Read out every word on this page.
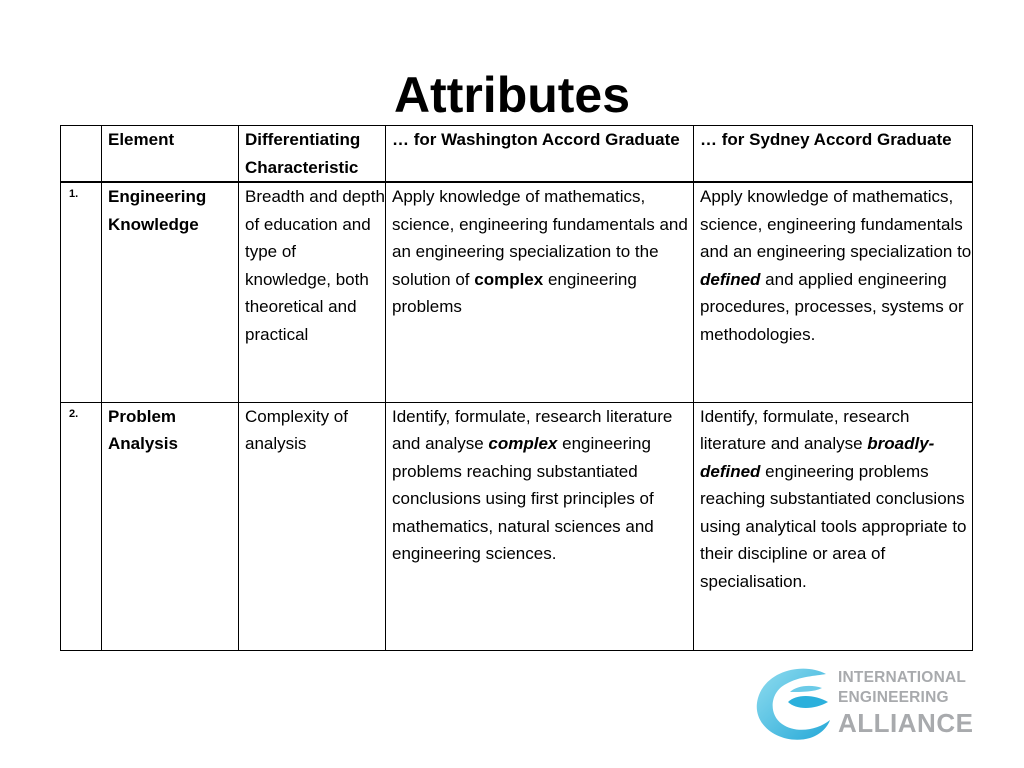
Attributes
	Element	Differentiating Characteristic	… for Washington Accord Graduate	… for Sydney Accord Graduate
1.	Engineering Knowledge	Breadth and depth of education and type of knowledge, both theoretical and practical	Apply knowledge of mathematics, science, engineering fundamentals and an engineering specialization to the solution of complex engineering problems	Apply knowledge of mathematics, science, engineering fundamentals and an engineering specialization to defined and applied engineering procedures, processes, systems or methodologies.
2.	Problem Analysis	Complexity of analysis	Identify, formulate, research literature and analyse complex engineering problems reaching substantiated conclusions using first principles of mathematics, natural sciences and engineering sciences.	Identify, formulate, research literature and analyse broadly-defined engineering problems reaching substantiated conclusions using analytical tools appropriate to their discipline or area of specialisation.
INTERNATIONAL
ENGINEERING
ALLIANCE
